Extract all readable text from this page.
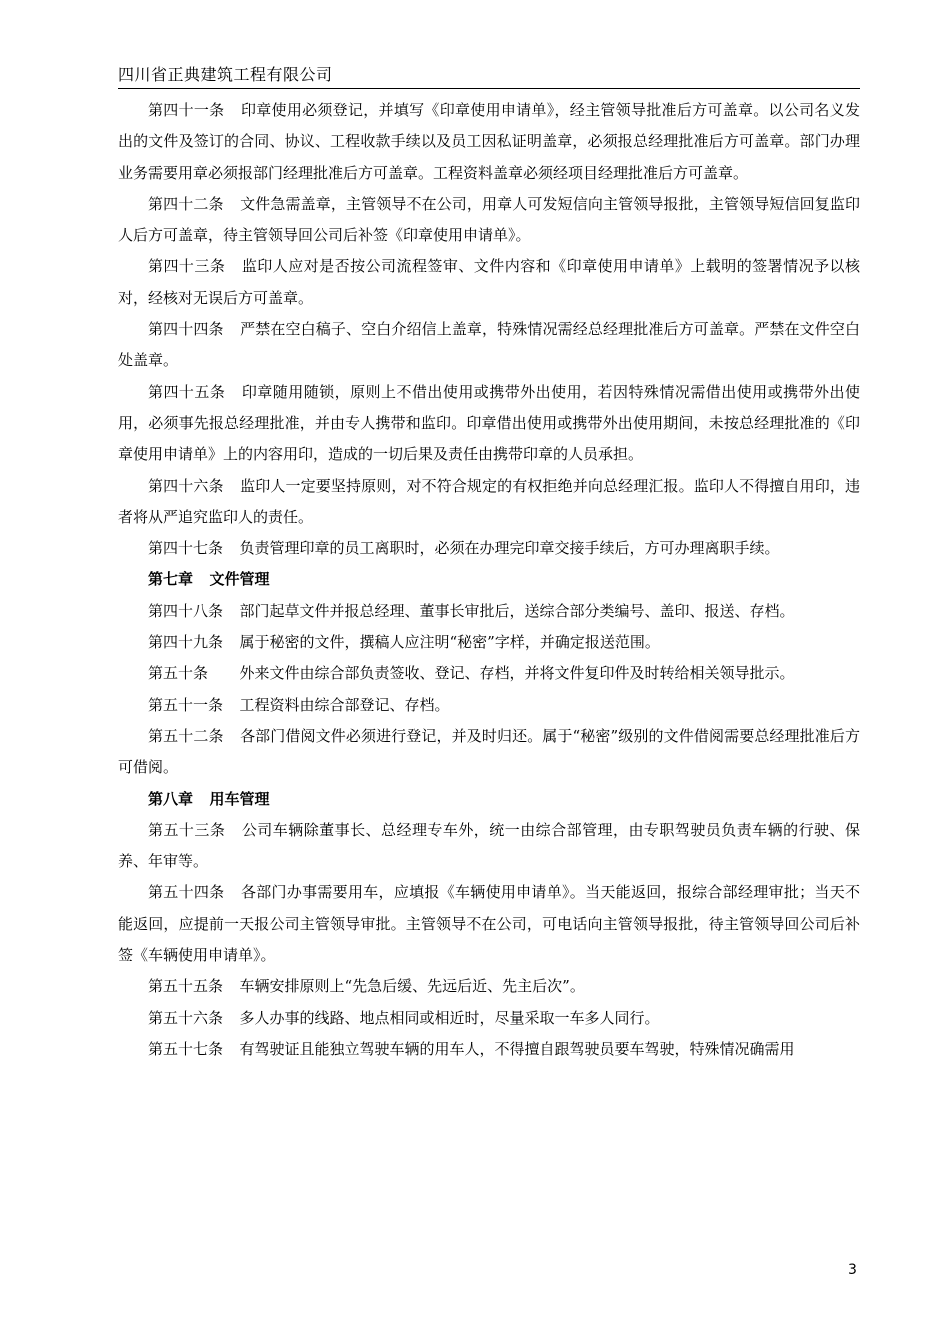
四川省正典建筑工程有限公司

第四十一条 印章使用必须登记，并填写《印章使用申请单》，经主管领导批准后方可盖章。以公司名义发出的文件及签订的合同、协议、工程收款手续以及员工因私证明盖章，必须报总经理批准后方可盖章。部门办理业务需要用章必须报部门经理批准后方可盖章。工程资料盖章必须经项目经理批准后方可盖章。

第四十二条 文件急需盖章，主管领导不在公司，用章人可发短信向主管领导报批，主管领导短信回复监印人后方可盖章，待主管领导回公司后补签《印章使用申请单》。

第四十三条 监印人应对是否按公司流程签审、文件内容和《印章使用申请单》上载明的签署情况予以核对，经核对无误后方可盖章。

第四十四条 严禁在空白稿子、空白介绍信上盖章，特殊情况需经总经理批准后方可盖章。严禁在文件空白处盖章。

第四十五条 印章随用随锁，原则上不借出使用或携带外出使用，若因特殊情况需借出使用或携带外出使用，必须事先报总经理批准，并由专人携带和监印。印章借出使用或携带外出使用期间，未按总经理批准的《印章使用申请单》上的内容用印，造成的一切后果及责任由携带印章的人员承担。

第四十六条 监印人一定要坚持原则，对不符合规定的有权拒绝并向总经理汇报。监印人不得擅自用印，违者将从严追究监印人的责任。

第四十七条 负责管理印章的员工离职时，必须在办理完印章交接手续后，方可办理离职手续。

第七章 文件管理

第四十八条 部门起草文件并报总经理、董事长审批后，送综合部分类编号、盖印、报送、存档。

第四十九条 属于秘密的文件，撰稿人应注明“秘密”字样，并确定报送范围。

第五十条 外来文件由综合部负责签收、登记、存档，并将文件复印件及时转给相关领导批示。

第五十一条 工程资料由综合部登记、存档。

第五十二条 各部门借阅文件必须进行登记，并及时归还。属于“秘密”级别的文件借阅需要总经理批准后方可借阅。

第八章 用车管理

第五十三条 公司车辆除董事长、总经理专车外，统一由综合部管理，由专职驾驶员负责车辆的行驶、保养、年审等。

第五十四条 各部门办事需要用车，应填报《车辆使用申请单》。当天能返回，报综合部经理审批；当天不能返回，应提前一天报公司主管领导审批。主管领导不在公司，可电话向主管领导报批，待主管领导回公司后补签《车辆使用申请单》。

第五十五条 车辆安排原则上“先急后缓、先远后近、先主后次”。

第五十六条 多人办事的线路、地点相同或相近时，尽量采取一车多人同行。

第五十七条 有驾驶证且能独立驾驶车辆的用车人，不得擅自跟驾驶员要车驾驶，特殊情况确需用

3
